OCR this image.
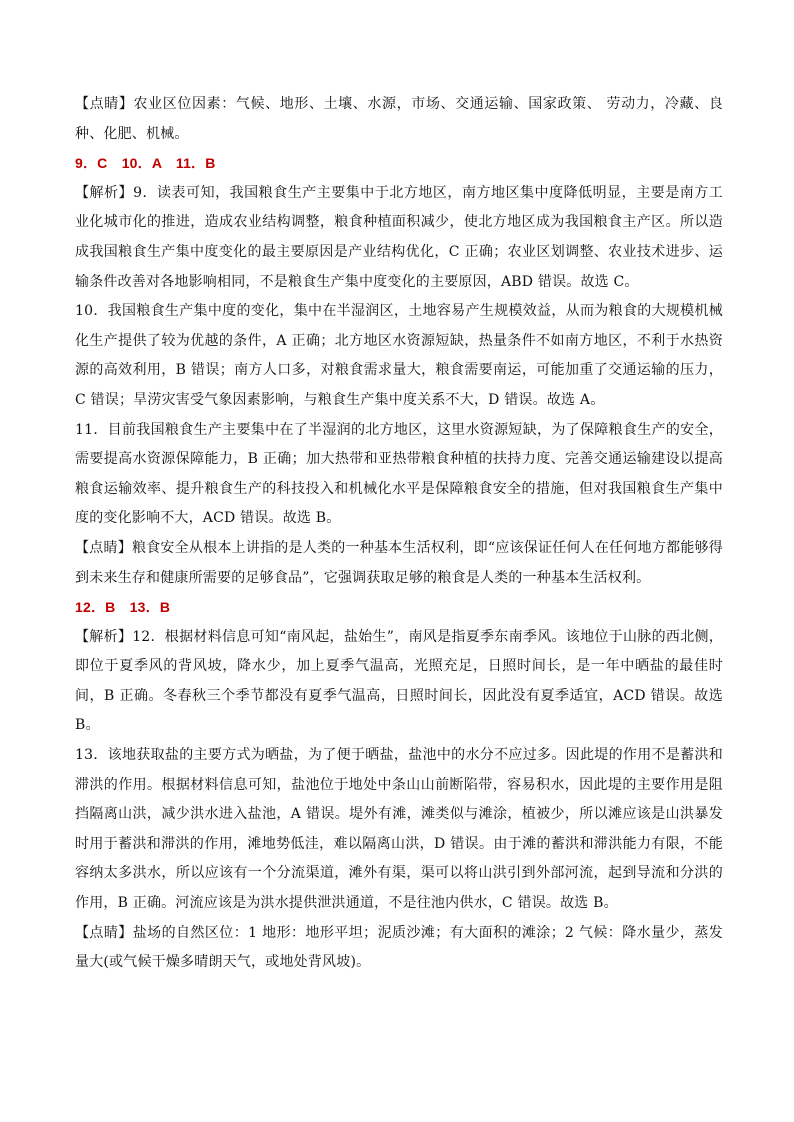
【点睛】农业区位因素：气候、地形、土壤、水源，市场、交通运输、国家政策、 劳动力，冷藏、良种、化肥、机械。

9．C　10．A　11．B

【解析】9．读表可知，我国粮食生产主要集中于北方地区，南方地区集中度降低明显，主要是南方工业化城市化的推进，造成农业结构调整，粮食种植面积减少，使北方地区成为我国粮食主产区。所以造成我国粮食生产集中度变化的最主要原因是产业结构优化，C 正确；农业区划调整、农业技术进步、运输条件改善对各地影响相同，不是粮食生产集中度变化的主要原因，ABD 错误。故选 C。

10．我国粮食生产集中度的变化，集中在半湿润区，土地容易产生规模效益，从而为粮食的大规模机械化生产提供了较为优越的条件，A 正确；北方地区水资源短缺，热量条件不如南方地区，不利于水热资源的高效利用，B 错误；南方人口多，对粮食需求量大，粮食需要南运，可能加重了交通运输的压力，C 错误；旱涝灾害受气象因素影响，与粮食生产集中度关系不大，D 错误。故选 A。

11．目前我国粮食生产主要集中在了半湿润的北方地区，这里水资源短缺，为了保障粮食生产的安全，需要提高水资源保障能力，B 正确；加大热带和亚热带粮食种植的扶持力度、完善交通运输建设以提高粮食运输效率、提升粮食生产的科技投入和机械化水平是保障粮食安全的措施，但对我国粮食生产集中度的变化影响不大，ACD 错误。故选 B。

【点睛】粮食安全从根本上讲指的是人类的一种基本生活权利，即“应该保证任何人在任何地方都能够得到未来生存和健康所需要的足够食品”，它强调获取足够的粮食是人类的一种基本生活权利。

12．B　13．B

【解析】12．根据材料信息可知“南风起，盐始生”，南风是指夏季东南季风。该地位于山脉的西北侧，即位于夏季风的背风坡，降水少，加上夏季气温高，光照充足，日照时间长，是一年中晒盐的最佳时间，B 正确。冬春秋三个季节都没有夏季气温高，日照时间长，因此没有夏季适宜，ACD 错误。故选 B。

13．该地获取盐的主要方式为晒盐，为了便于晒盐，盐池中的水分不应过多。因此堤的作用不是蓄洪和滞洪的作用。根据材料信息可知，盐池位于地处中条山山前断陷带，容易积水，因此堤的主要作用是阻挡隔离山洪，减少洪水进入盐池，A 错误。堤外有滩，滩类似与滩涂，植被少，所以滩应该是山洪暴发时用于蓄洪和滞洪的作用，滩地势低洼，难以隔离山洪，D 错误。由于滩的蓄洪和滞洪能力有限，不能容纳太多洪水，所以应该有一个分流渠道，滩外有渠，渠可以将山洪引到外部河流，起到导流和分洪的作用，B 正确。河流应该是为洪水提供泄洪通道，不是往池内供水，C 错误。故选 B。

【点睛】盐场的自然区位：1 地形：地形平坦；泥质沙滩；有大面积的滩涂；2 气候：降水量少，蒸发量大(或气候干燥多晴朗天气，或地处背风坡)。
